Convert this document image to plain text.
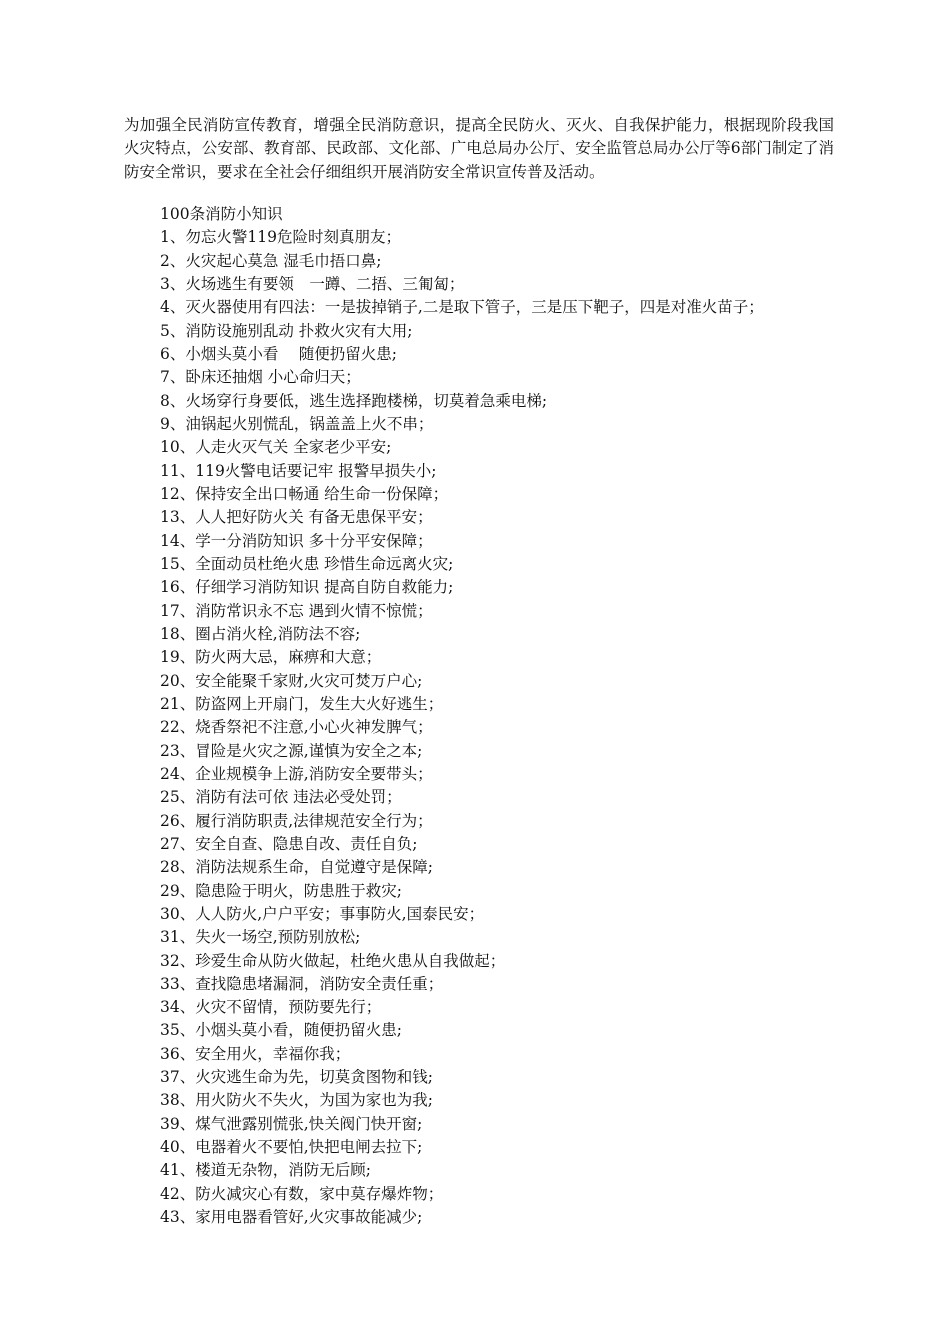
为加强全民消防宣传教育，增强全民消防意识，提高全民防火、灭火、自我保护能力，根据现阶段我国火灾特点，公安部、教育部、民政部、文化部、广电总局办公厅、安全监管总局办公厅等6部门制定了消防安全常识，要求在全社会仔细组织开展消防安全常识宣传普及活动。

100条消防小知识
1、勿忘火警119危险时刻真朋友；
2、火灾起心莫急 湿毛巾捂口鼻;
3、火场逃生有要领　一蹲、二捂、三匍匐；
4、灭火器使用有四法：一是拔掉销子,二是取下管子，三是压下靶子，四是对准火苗子；
5、消防设施别乱动 扑救火灾有大用;
6、小烟头莫小看　 随便扔留火患;
7、卧床还抽烟 小心命归天；
8、火场穿行身要低，逃生选择跑楼梯，切莫着急乘电梯;
9、油锅起火别慌乱，锅盖盖上火不串；
10、人走火灭气关 全家老少平安;
11、119火警电话要记牢 报警早损失小;
12、保持安全出口畅通 给生命一份保障；
13、人人把好防火关 有备无患保平安；
14、学一分消防知识 多十分平安保障；
15、全面动员杜绝火患 珍惜生命远离火灾;
16、仔细学习消防知识 提高自防自救能力;
17、消防常识永不忘 遇到火情不惊慌；
18、圈占消火栓,消防法不容;
19、防火两大忌，麻痹和大意；
20、安全能聚千家财,火灾可焚万户心;
21、防盗网上开扇门，发生大火好逃生；
22、烧香祭祀不注意,小心火神发脾气；
23、冒险是火灾之源,谨慎为安全之本;
24、企业规模争上游,消防安全要带头；
25、消防有法可依 违法必受处罚；
26、履行消防职责,法律规范安全行为；
27、安全自查、隐患自改、责任自负;
28、消防法规系生命，自觉遵守是保障;
29、隐患险于明火，防患胜于救灾;
30、人人防火,户户平安；事事防火,国泰民安；
31、失火一场空,预防别放松;
32、珍爱生命从防火做起，杜绝火患从自我做起；
33、查找隐患堵漏洞，消防安全责任重；
34、火灾不留情，预防要先行；
35、小烟头莫小看，随便扔留火患;
36、安全用火，幸福你我；
37、火灾逃生命为先，切莫贪图物和钱;
38、用火防火不失火，为国为家也为我;
39、煤气泄露别慌张,快关阀门快开窗;
40、电器着火不要怕,快把电闸去拉下;
41、楼道无杂物，消防无后顾;
42、防火减灾心有数，家中莫存爆炸物；
43、家用电器看管好,火灾事故能减少;
